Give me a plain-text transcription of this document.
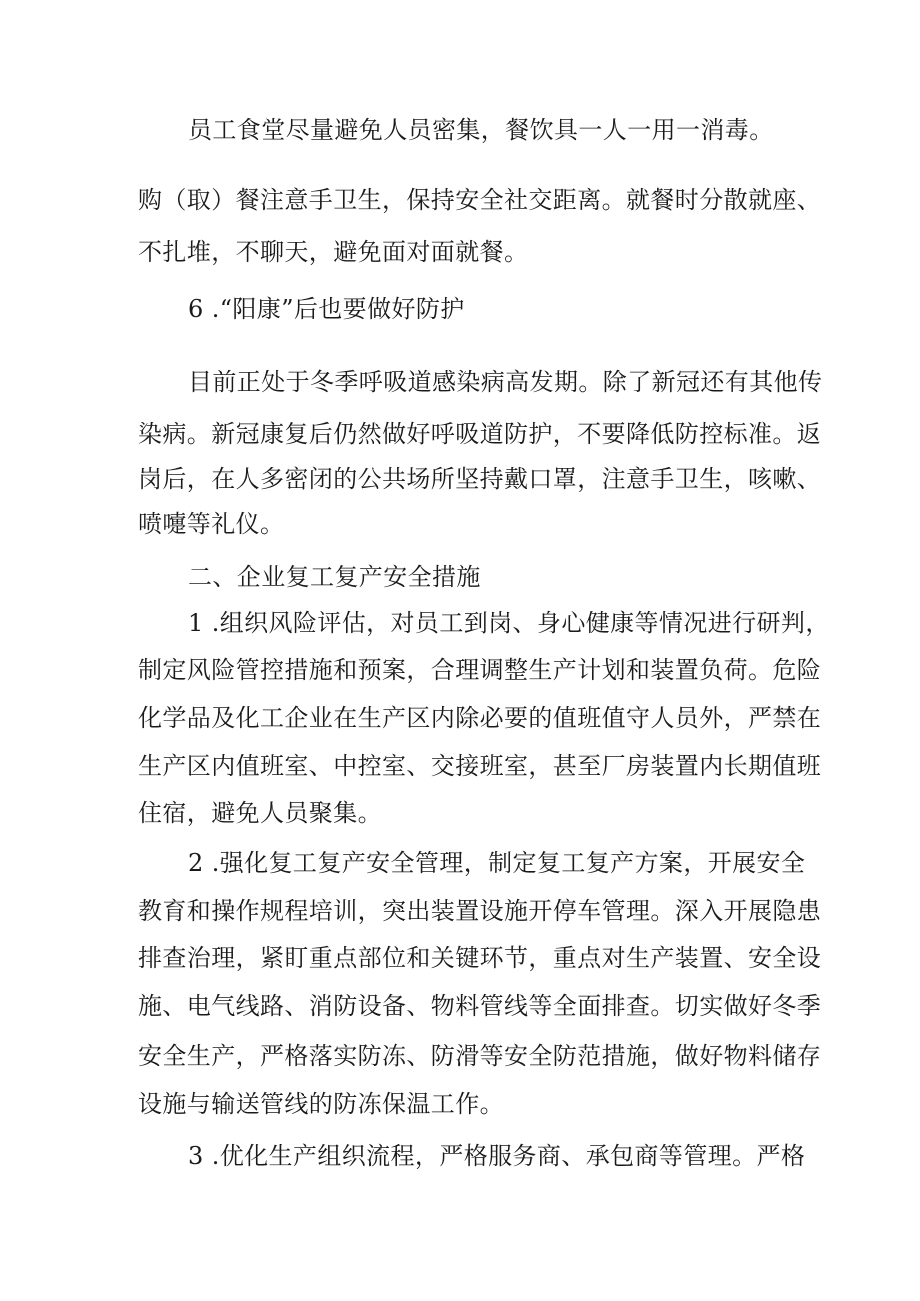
员工食堂尽量避免人员密集，餐饮具一人一用一消毒。
购（取）餐注意手卫生，保持安全社交距离。就餐时分散就座、
不扎堆，不聊天，避免面对面就餐。
6 .“阳康”后也要做好防护
目前正处于冬季呼吸道感染病高发期。除了新冠还有其他传
染病。新冠康复后仍然做好呼吸道防护，不要降低防控标准。返
岗后，在人多密闭的公共场所坚持戴口罩，注意手卫生，咳嗽、
喷嚏等礼仪。
二、企业复工复产安全措施
1 .组织风险评估，对员工到岗、身心健康等情况进行研判，
制定风险管控措施和预案，合理调整生产计划和装置负荷。危险
化学品及化工企业在生产区内除必要的值班值守人员外，严禁在
生产区内值班室、中控室、交接班室，甚至厂房装置内长期值班
住宿，避免人员聚集。
2 .强化复工复产安全管理，制定复工复产方案，开展安全
教育和操作规程培训，突出装置设施开停车管理。深入开展隐患
排查治理，紧盯重点部位和关键环节，重点对生产装置、安全设
施、电气线路、消防设备、物料管线等全面排查。切实做好冬季
安全生产，严格落实防冻、防滑等安全防范措施，做好物料储存
设施与输送管线的防冻保温工作。
3 .优化生产组织流程，严格服务商、承包商等管理。严格
